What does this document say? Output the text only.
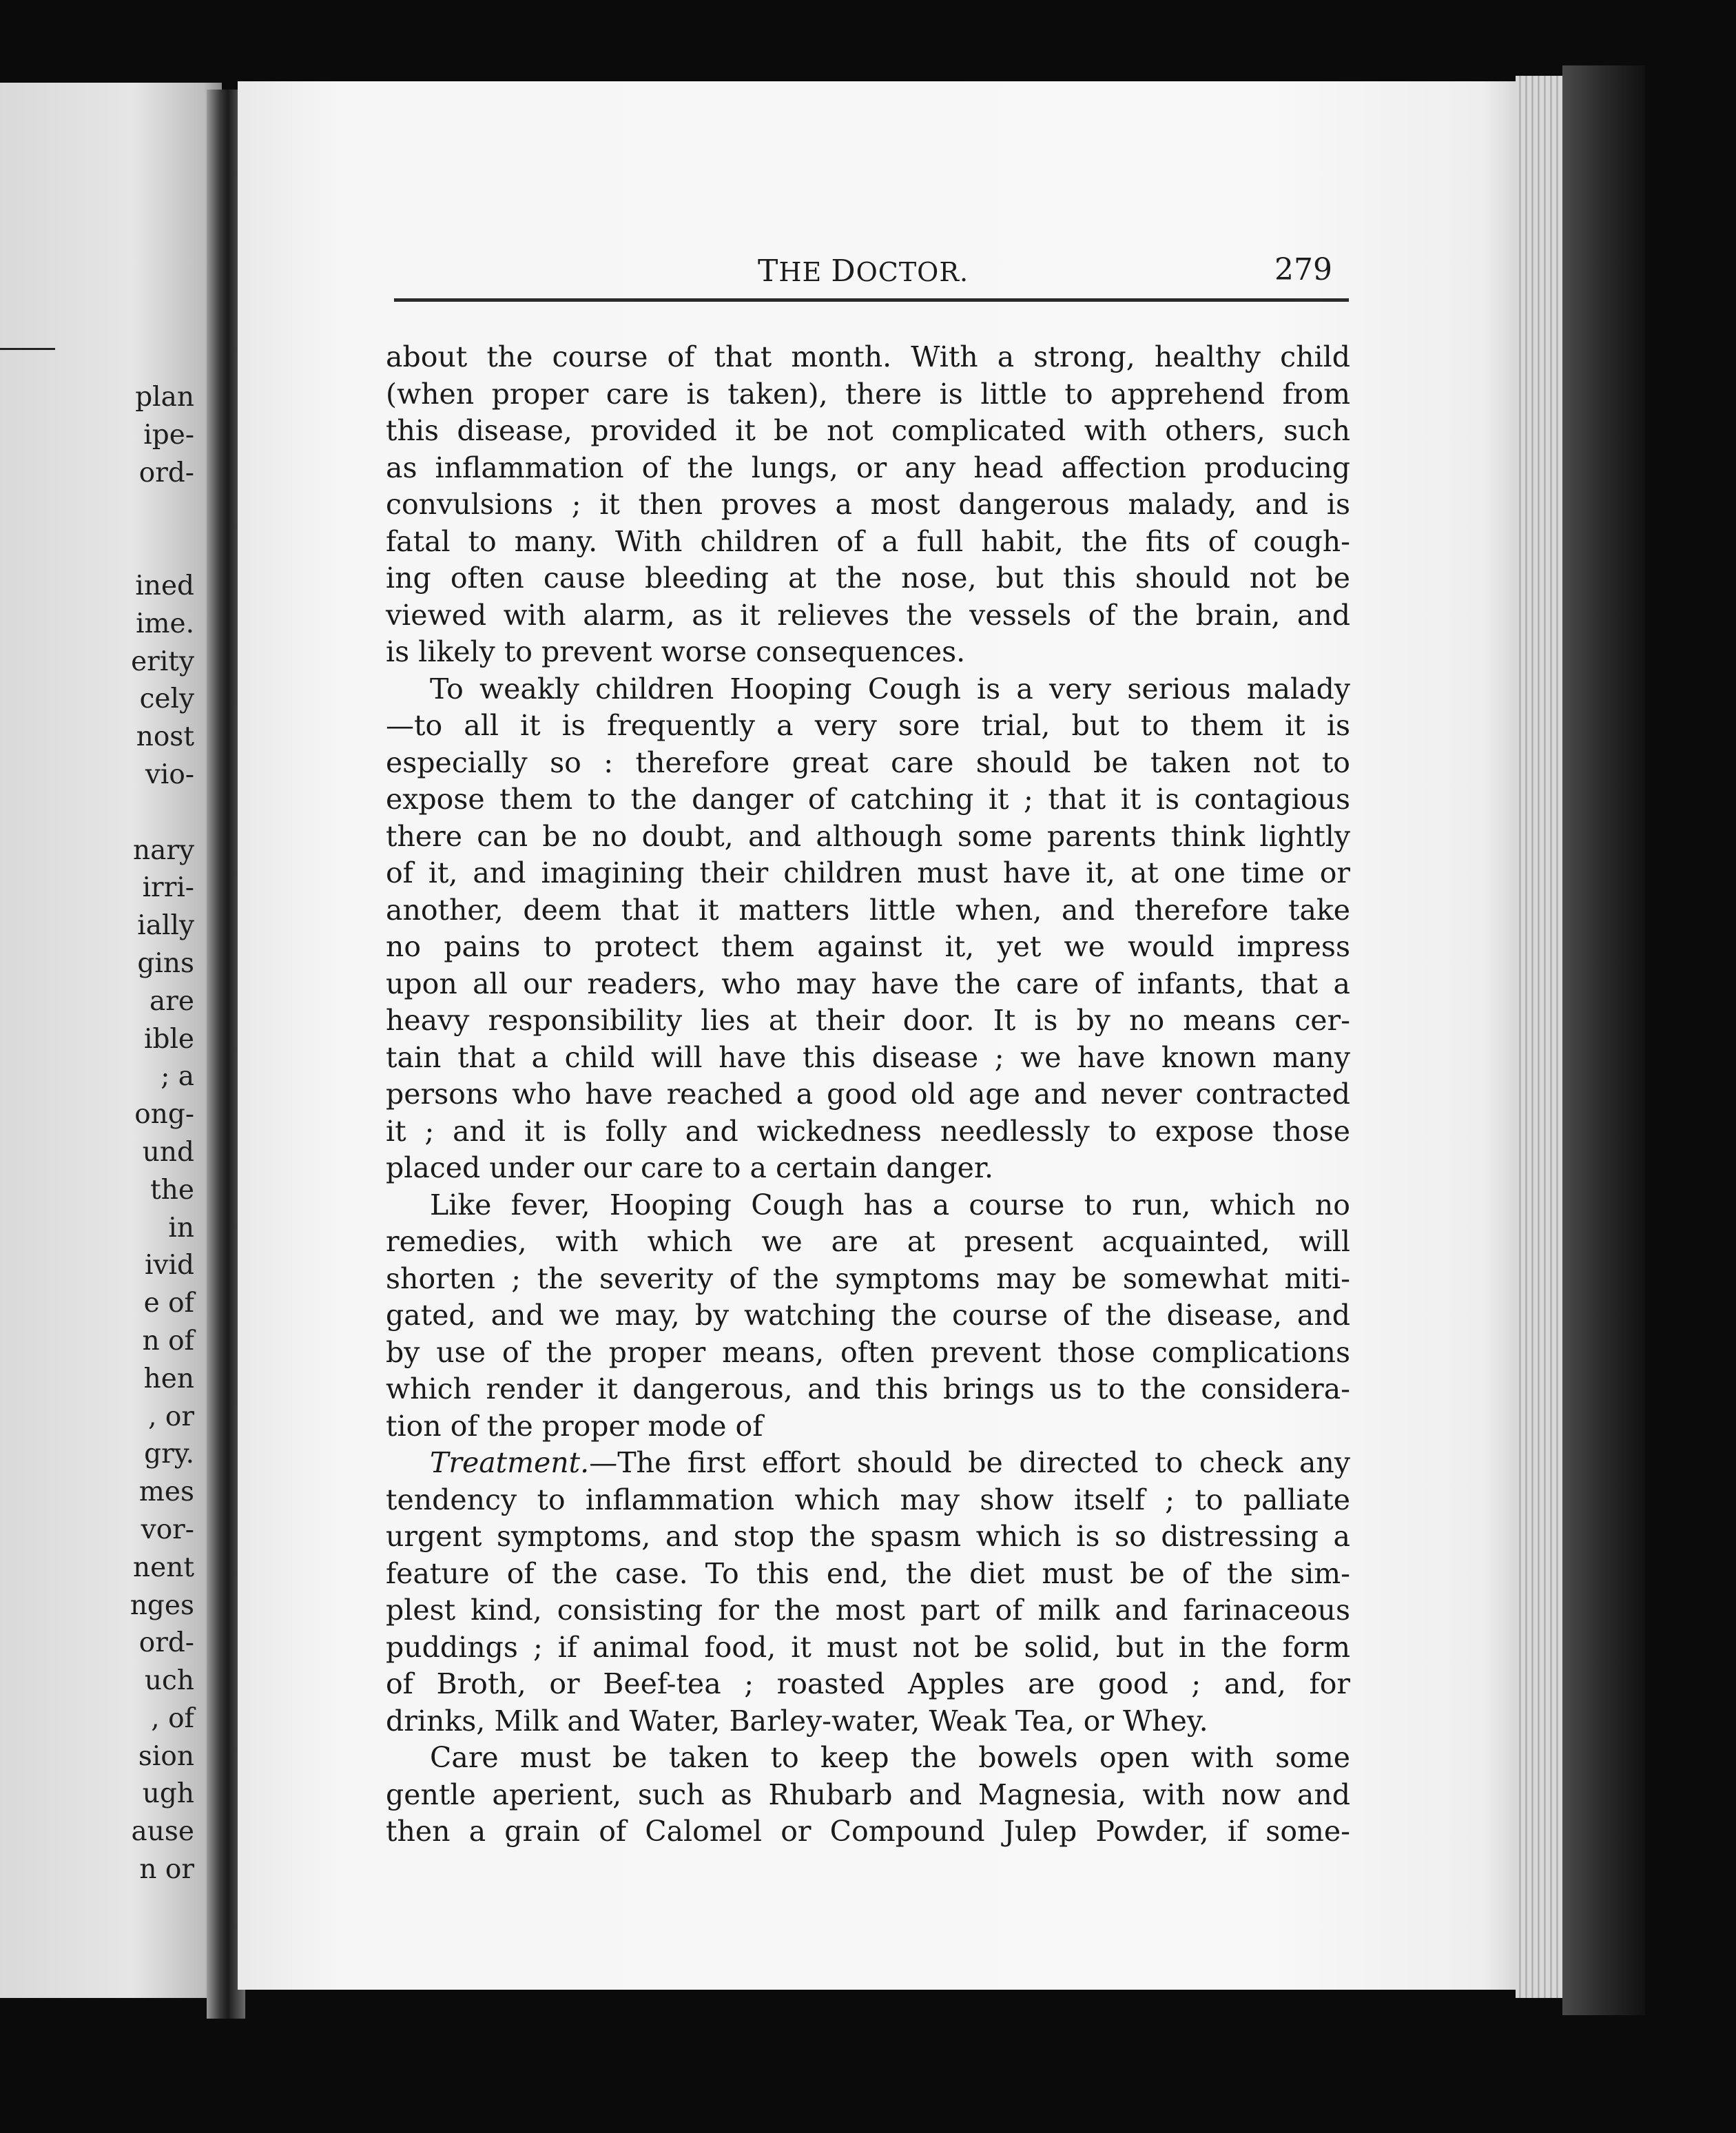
plan
ipe-
ord-
ined
ime.
erity
cely
nost
vio-
nary
irri-
ially
gins
are
ible
; a
ong-
und
the
in
ivid
e of
n of
hen
, or
gry.
mes
vor-
nent
nges
ord-
uch
, of
sion
ugh
ause
n or
THE DOCTOR.	279
about the course of that month. With a strong, healthy child
(when proper care is taken), there is little to apprehend from
this disease, provided it be not complicated with others, such
as inflammation of the lungs, or any head affection producing
convulsions ; it then proves a most dangerous malady, and is
fatal to many. With children of a full habit, the fits of cough-
ing often cause bleeding at the nose, but this should not be
viewed with alarm, as it relieves the vessels of the brain, and
is likely to prevent worse consequences.
To weakly children Hooping Cough is a very serious malady
—to all it is frequently a very sore trial, but to them it is
especially so : therefore great care should be taken not to
expose them to the danger of catching it ; that it is contagious
there can be no doubt, and although some parents think lightly
of it, and imagining their children must have it, at one time or
another, deem that it matters little when, and therefore take
no pains to protect them against it, yet we would impress
upon all our readers, who may have the care of infants, that a
heavy responsibility lies at their door. It is by no means cer-
tain that a child will have this disease ; we have known many
persons who have reached a good old age and never contracted
it ; and it is folly and wickedness needlessly to expose those
placed under our care to a certain danger.
Like fever, Hooping Cough has a course to run, which no
remedies, with which we are at present acquainted, will
shorten ; the severity of the symptoms may be somewhat miti-
gated, and we may, by watching the course of the disease, and
by use of the proper means, often prevent those complications
which render it dangerous, and this brings us to the considera-
tion of the proper mode of
Treatment.—The first effort should be directed to check any
tendency to inflammation which may show itself ; to palliate
urgent symptoms, and stop the spasm which is so distressing a
feature of the case. To this end, the diet must be of the sim-
plest kind, consisting for the most part of milk and farinaceous
puddings ; if animal food, it must not be solid, but in the form
of Broth, or Beef-tea ; roasted Apples are good ; and, for
drinks, Milk and Water, Barley-water, Weak Tea, or Whey.
Care must be taken to keep the bowels open with some
gentle aperient, such as Rhubarb and Magnesia, with now and
then a grain of Calomel or Compound Julep Powder, if some-
